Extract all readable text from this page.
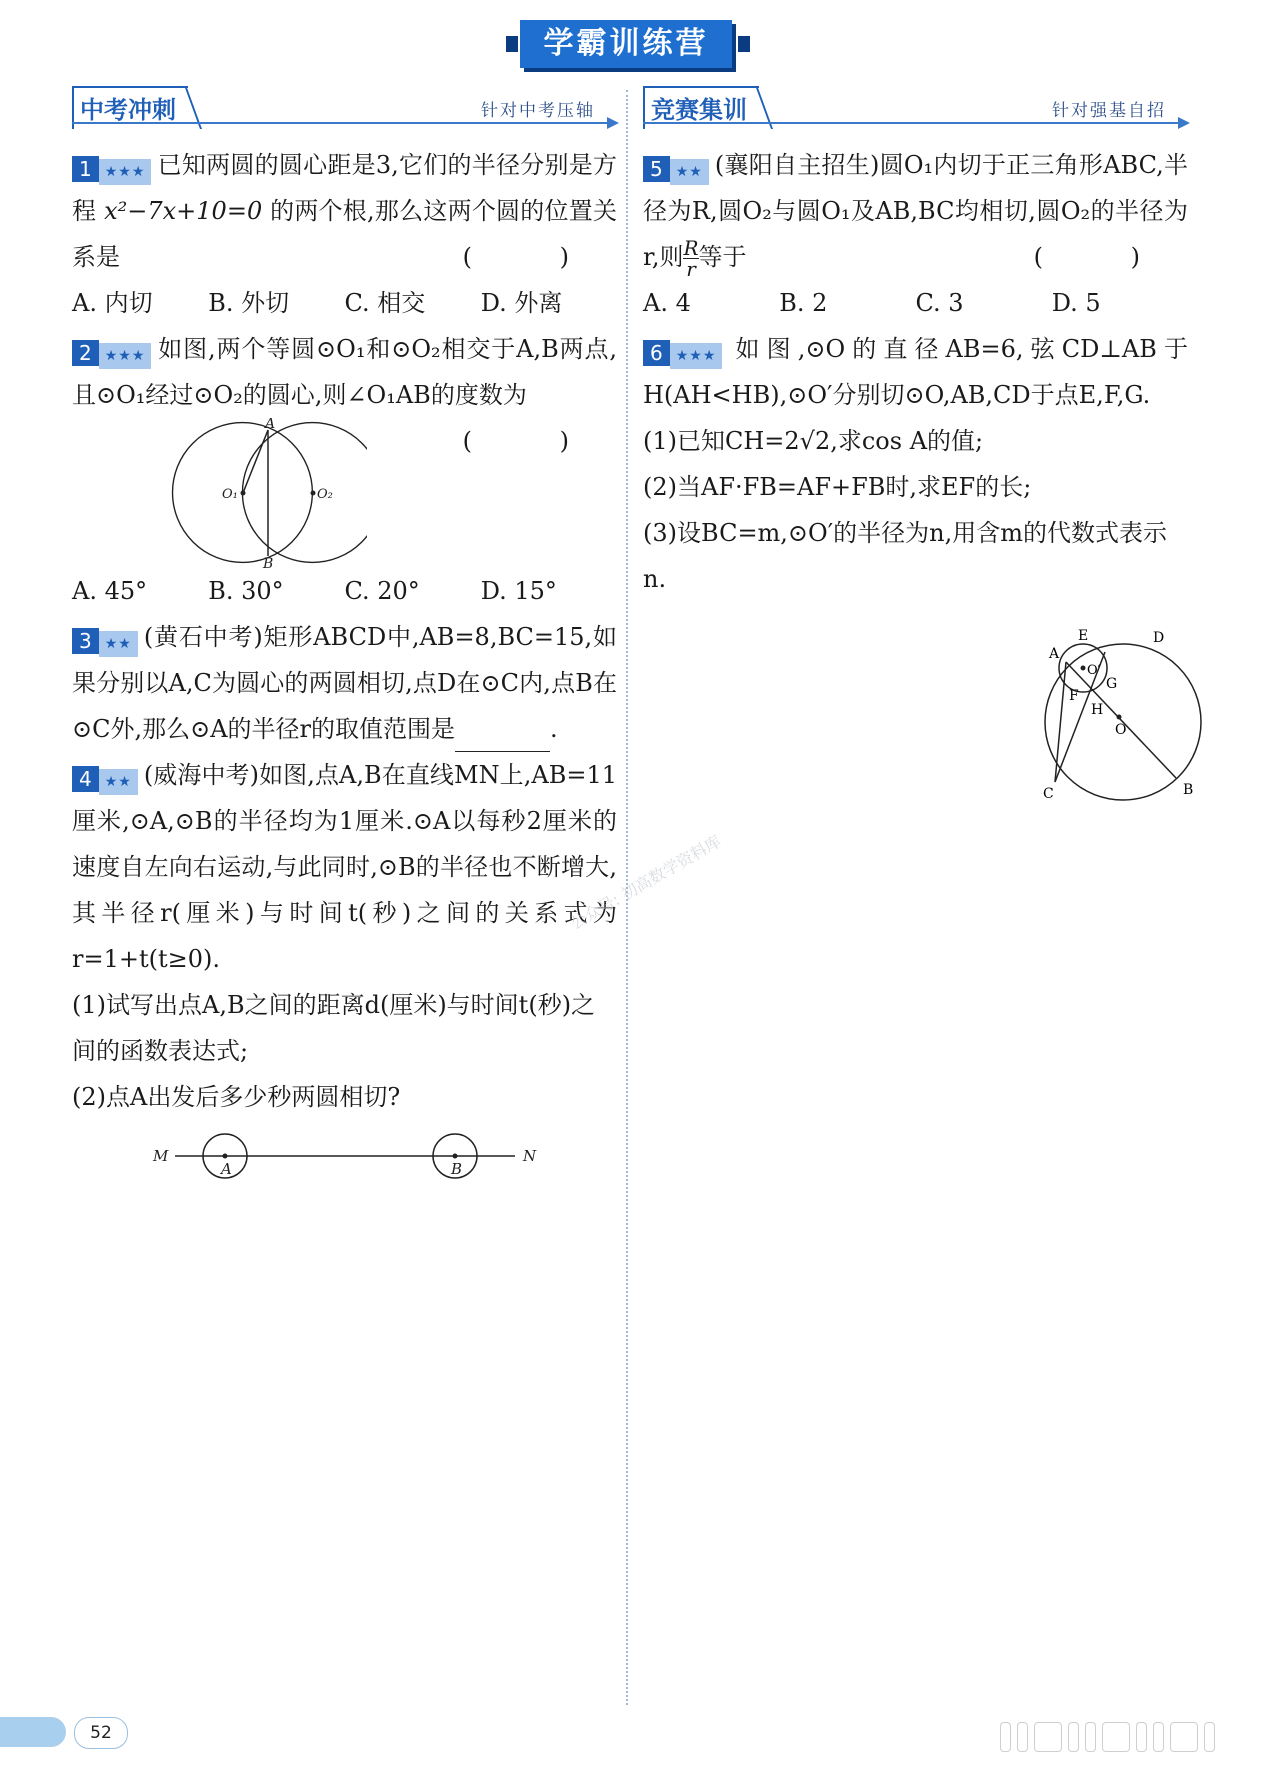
学霸训练营
中考冲刺	针对中考压轴
1 ★★★ 已知两圆的圆心距是3,它们的半径分别是方程 x²−7x+10=0 的两个根,那么这两个圆的位置关系是	( )
A. 内切	B. 外切	C. 相交	D. 外离
2 ★★★ 如图,两个等圆⊙O₁和⊙O₂相交于A,B两点,且⊙O₁经过⊙O₂的圆心,则∠O₁AB的度数为
( )
A
B
O₁	O₂
A. 45°	B. 30°	C. 20°	D. 15°
3 ★★ (黄石中考)矩形ABCD中,AB=8,BC=15,如果分别以A,C为圆心的两圆相切,点D在⊙C内,点B在⊙C外,那么⊙A的半径r的取值范围是	.
4 ★★ (威海中考)如图,点A,B在直线MN上,AB=11厘米,⊙A,⊙B的半径均为1厘米.⊙A以每秒2厘米的速度自左向右运动,与此同时,⊙B的半径也不断增大,其半径r(厘米)与时间t(秒)之间的关系式为r=1+t(t≥0).
(1)试写出点A,B之间的距离d(厘米)与时间t(秒)之间的函数表达式;
(2)点A出发后多少秒两圆相切?
M	N
A	B
竞赛集训	针对强基自招
5 ★★ (襄阳自主招生)圆O₁内切于正三角形ABC,半径为R,圆O₂与圆O₁及AB,BC均相切,圆O₂的半径为r,则 $\frac{R}{r}$ 等于	( )
A. 4	B. 2	C. 3	D. 5
6 ★★★ 如图,⊙O的直径AB=6,弦CD⊥AB于H(AH<HB),⊙O′分别切⊙O,AB,CD于点E,F,G.
(1)已知CH=2√2,求cos A的值;
(2)当AF·FB=AF+FB时,求EF的长;
(3)设BC=m,⊙O′的半径为n,用含m的代数式表示n.
E	D
A
O′
G
F
H
O
C	B
公众号: 初高数学资料库
52
